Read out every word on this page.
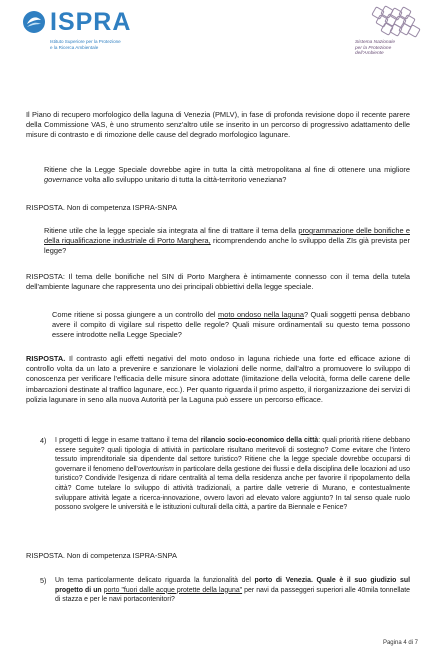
ISPRA
Istituto Superiore per la Protezione
e la Ricerca Ambientale
Sistema Nazionale
per la Protezione
dell'Ambiente
Il Piano di recupero morfologico della laguna di Venezia (PMLV), in fase di profonda revisione dopo il recente parere della Commissione VAS, è uno strumento senz'altro utile se inserito in un percorso di progressivo adattamento delle misure di contrasto e di rimozione delle cause del degrado morfologico lagunare.
Ritiene che la Legge Speciale dovrebbe agire in tutta la città metropolitana al fine di ottenere una migliore governance volta allo sviluppo unitario di tutta la città-territorio veneziana?
RISPOSTA. Non di competenza ISPRA-SNPA
Ritiene utile che la legge speciale sia integrata al fine di trattare il tema della programmazione delle bonifiche e della riqualificazione industriale di Porto Marghera, ricomprendendo anche lo sviluppo della ZIs già prevista per legge?
RISPOSTA: Il tema delle bonifiche nel SIN di Porto Marghera è intimamente connesso con il tema della tutela dell'ambiente lagunare che rappresenta uno dei principali obbiettivi della legge speciale.
Come ritiene si possa giungere a un controllo del moto ondoso nella laguna? Quali soggetti pensa debbano avere il compito di vigilare sul rispetto delle regole? Quali misure ordinamentali su questo tema possono essere introdotte nella Legge Speciale?
RISPOSTA. Il contrasto agli effetti negativi del moto ondoso in laguna richiede una forte ed efficace azione di controllo volta da un lato a prevenire e sanzionare le violazioni delle norme, dall'altro a promuovere lo sviluppo di conoscenza per verificare l'efficacia delle misure sinora adottate (limitazione della velocità, forma delle carene delle imbarcazioni destinate al traffico lagunare, ecc.). Per quanto riguarda il primo aspetto, il riorganizzazione dei servizi di polizia lagunare in seno alla nuova Autorità per la Laguna può essere un percorso efficace.
4) I progetti di legge in esame trattano il tema del rilancio socio-economico della città: quali priorità ritiene debbano essere seguite? quali tipologia di attività in particolare risultano meritevoli di sostegno? Come evitare che l'intero tessuto imprenditoriale sia dipendente dal settore turistico? Ritiene che la legge speciale dovrebbe occuparsi di governare il fenomeno dell'overtourism in particolare della gestione dei flussi e della disciplina delle locazioni ad uso turistico? Condivide l'esigenza di ridare centralità al tema della residenza anche per favorire il ripopolamento della città? Come tutelare lo sviluppo di attività tradizionali, a partire dalle vetrerie di Murano, e contestualmente sviluppare attività legate a ricerca-innovazione, ovvero lavori ad elevato valore aggiunto? In tal senso quale ruolo possono svolgere le università e le istituzioni culturali della città, a partire da Biennale e Fenice?
RISPOSTA. Non di competenza ISPRA-SNPA
5) Un tema particolarmente delicato riguarda la funzionalità del porto di Venezia. Quale è il suo giudizio sul progetto di un porto "fuori dalle acque protette della laguna" per navi da passeggeri superiori alle 40mila tonnellate di stazza e per le navi portacontenitori?
Pagina 4 di 7
